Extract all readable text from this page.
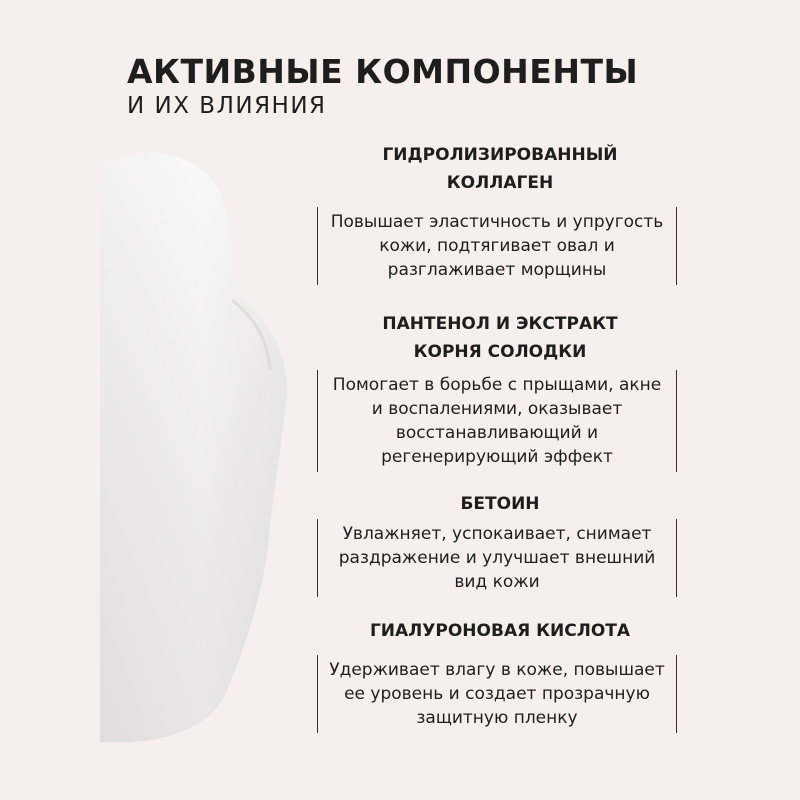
АКТИВНЫЕ КОМПОНЕНТЫ
И ИХ ВЛИЯНИЯ
ГИДРОЛИЗИРОВАННЫЙ
КОЛЛАГЕН

Повышает эластичность и упругость
кожи, подтягивает овал и
разглаживает морщины

ПАНТЕНОЛ И ЭКСТРАКТ
КОРНЯ СОЛОДКИ

Помогает в борьбе с прыщами, акне
и воспалениями, оказывает
восстанавливающий и
регенерирующий эффект

БЕТОИН

Увлажняет, успокаивает, снимает
раздражение и улучшает внешний
вид кожи

ГИАЛУРОНОВАЯ КИСЛОТА

Удерживает влагу в коже, повышает
ее уровень и создает прозрачную
защитную пленку
